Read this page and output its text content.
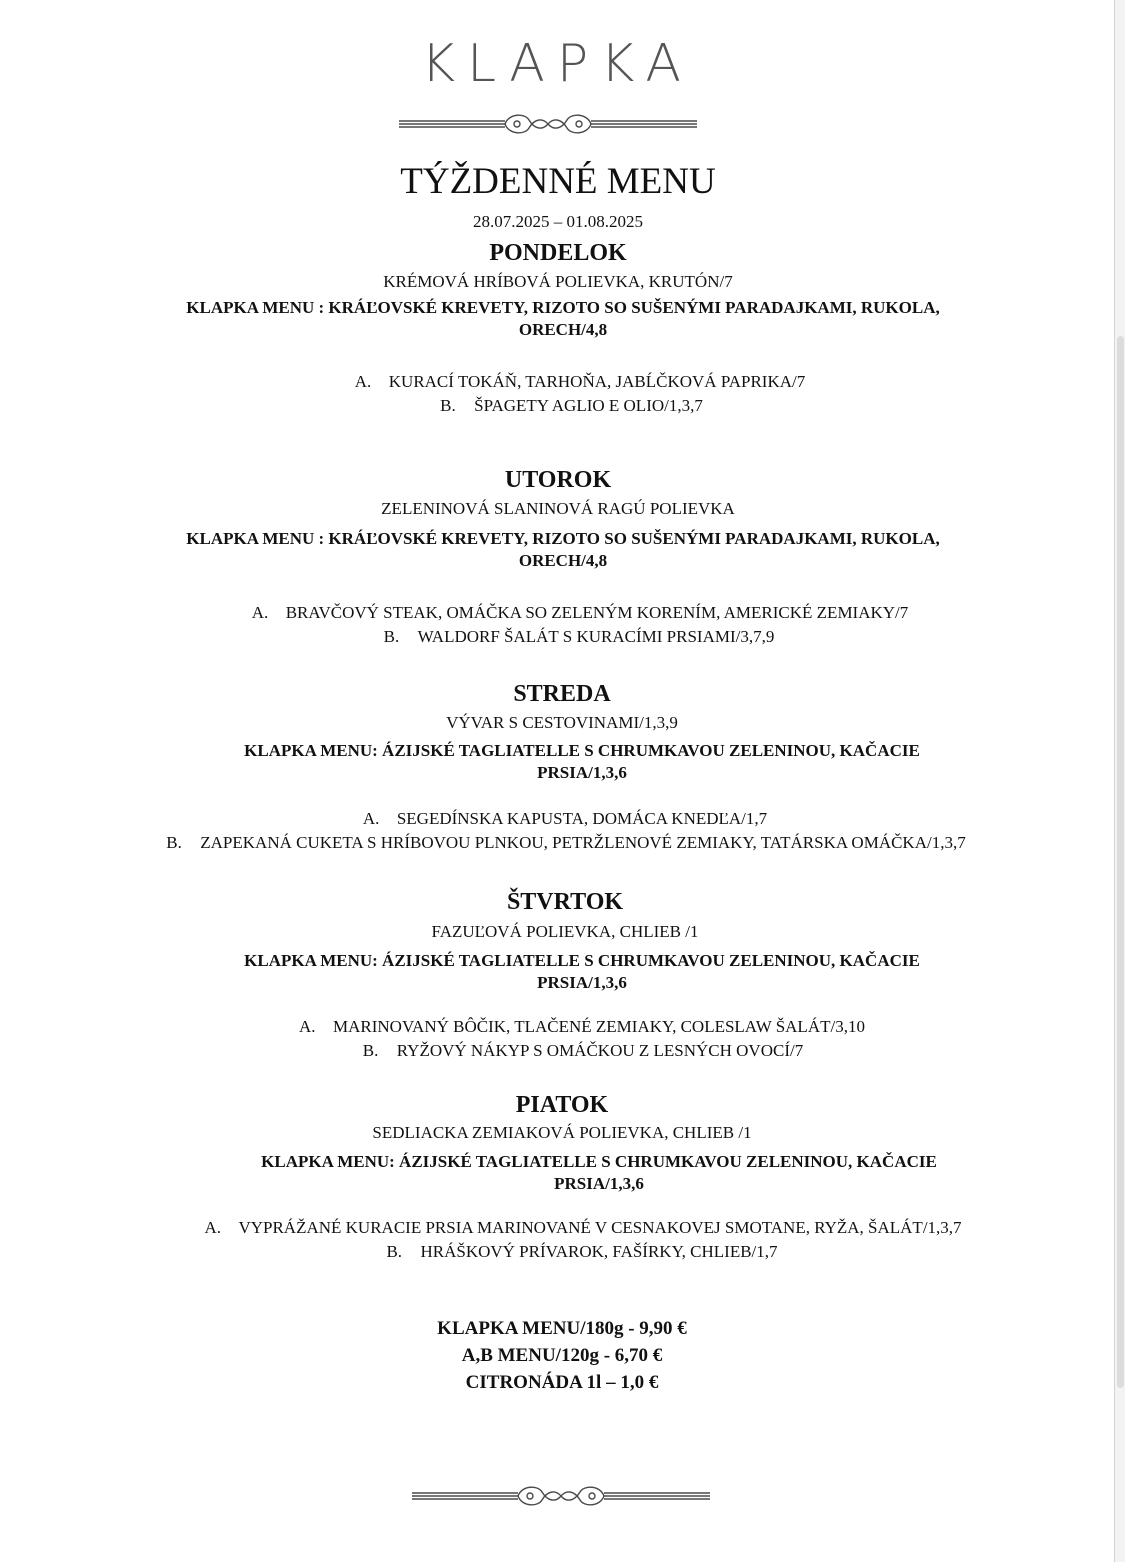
KLAPKA
TÝŽDENNÉ MENU
28.07.2025 – 01.08.2025
PONDELOK
KRÉMOVÁ HRÍBOVÁ POLIEVKA, KRUTÓN/7
KLAPKA MENU : KRÁĽOVSKÉ KREVETY, RIZOTO SO SUŠENÝMI PARADAJKAMI, RUKOLA,
ORECH/4,8
A. KURACÍ TOKÁŇ, TARHOŇA, JABĹČKOVÁ PAPRIKA/7
B. ŠPAGETY AGLIO E OLIO/1,3,7
UTOROK
ZELENINOVÁ SLANINOVÁ RAGÚ POLIEVKA
KLAPKA MENU : KRÁĽOVSKÉ KREVETY, RIZOTO SO SUŠENÝMI PARADAJKAMI, RUKOLA,
ORECH/4,8
A. BRAVČOVÝ STEAK, OMÁČKA SO ZELENÝM KORENÍM, AMERICKÉ ZEMIAKY/7
B. WALDORF ŠALÁT S KURACÍMI PRSIAMI/3,7,9
STREDA
VÝVAR S CESTOVINAMI/1,3,9
KLAPKA MENU: ÁZIJSKÉ TAGLIATELLE S CHRUMKAVOU ZELENINOU, KAČACIE
PRSIA/1,3,6
A. SEGEDÍNSKA KAPUSTA, DOMÁCA KNEDĽA/1,7
B. ZAPEKANÁ CUKETA S HRÍBOVOU PLNKOU, PETRŽLENOVÉ ZEMIAKY, TATÁRSKA OMÁČKA/1,3,7
ŠTVRTOK
FAZUĽOVÁ POLIEVKA, CHLIEB /1
KLAPKA MENU: ÁZIJSKÉ TAGLIATELLE S CHRUMKAVOU ZELENINOU, KAČACIE
PRSIA/1,3,6
A. MARINOVANÝ BÔČIK, TLAČENÉ ZEMIAKY, COLESLAW ŠALÁT/3,10
B. RYŽOVÝ NÁKYP S OMÁČKOU Z LESNÝCH OVOCÍ/7
PIATOK
SEDLIACKA ZEMIAKOVÁ POLIEVKA, CHLIEB /1
KLAPKA MENU: ÁZIJSKÉ TAGLIATELLE S CHRUMKAVOU ZELENINOU, KAČACIE
PRSIA/1,3,6
A. VYPRÁŽANÉ KURACIE PRSIA MARINOVANÉ V CESNAKOVEJ SMOTANE, RYŽA, ŠALÁT/1,3,7
B. HRÁŠKOVÝ PRÍVAROK, FAŠÍRKY, CHLIEB/1,7
KLAPKA MENU/180g - 9,90 €
A,B MENU/120g - 6,70 €
CITRONÁDA 1l – 1,0 €
